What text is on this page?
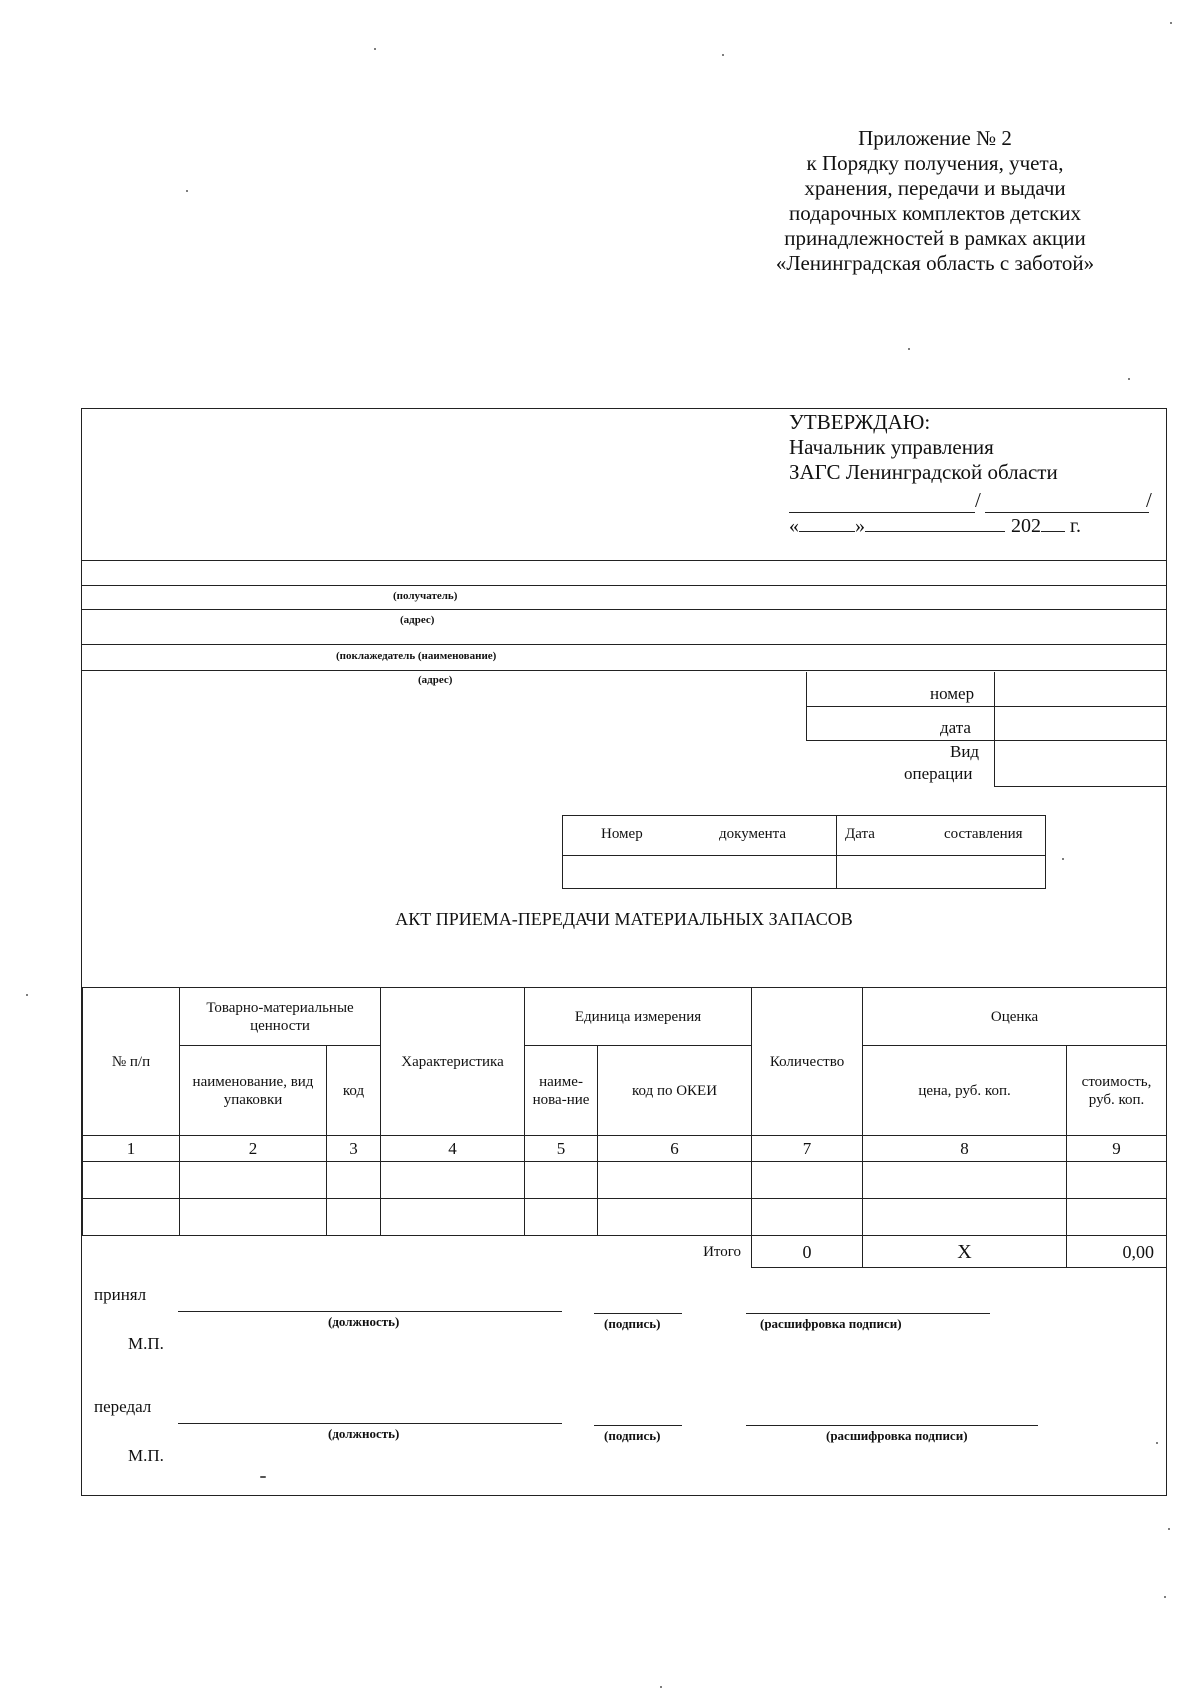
Приложение № 2
к Порядку получения, учета,
хранения, передачи и выдачи
подарочных комплектов детских
принадлежностей в рамках акции
«Ленинградская область с заботой»
УТВЕРЖДАЮ:
Начальник управления
ЗАГС Ленинградской области
/	/
«	»	202 г.
(получатель)
(адрес)
(поклажедатель (наименование)
(адрес)
номер
дата
Вид
операции
Номер	документа	Дата	составления
АКТ ПРИЕМА-ПЕРЕДАЧИ МАТЕРИАЛЬНЫХ ЗАПАСОВ
№ п/п	Товарно-материальные ценности		Характеристика	Единица измерения		Количество	Оценка	
	наименование, вид упаковки	код		наиме-нова-ние	код по ОКЕИ		цена, руб. коп.	стоимость, руб. коп.
1	2	3	4	5	6	7	8	9

Итого						0	Х	0,00
принял
(должность)	(подпись)	(расшифровка подписи)
М.П.
передал
(должность)	(подпись)	(расшифровка подписи)
М.П.
